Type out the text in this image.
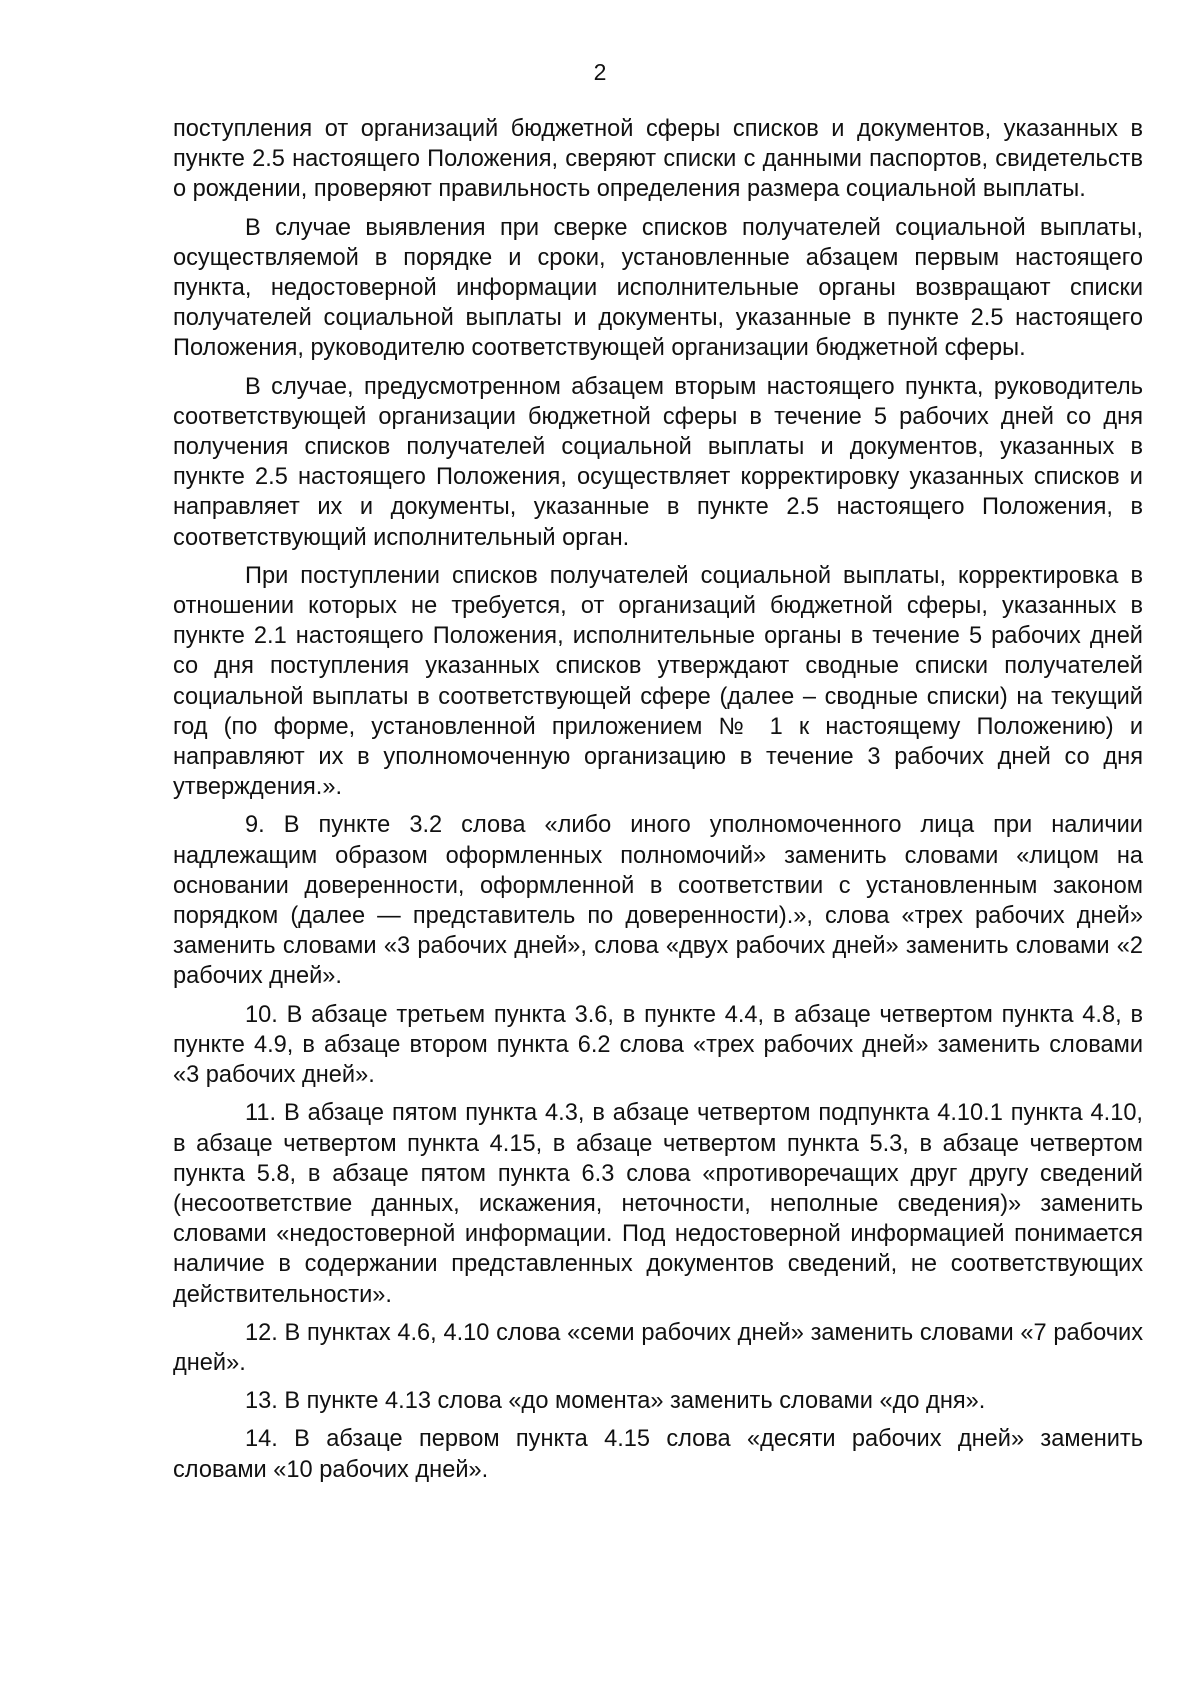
2

поступления от организаций бюджетной сферы списков и документов, указанных в пункте 2.5 настоящего Положения, сверяют списки с данными паспортов, свидетельств о рождении, проверяют правильность определения размера социальной выплаты.

В случае выявления при сверке списков получателей социальной выплаты, осуществляемой в порядке и сроки, установленные абзацем первым настоящего пункта, недостоверной информации исполнительные органы возвращают списки получателей социальной выплаты и документы, указанные в пункте 2.5 настоящего Положения, руководителю соответствующей организации бюджетной сферы.

В случае, предусмотренном абзацем вторым настоящего пункта, руководитель соответствующей организации бюджетной сферы в течение 5 рабочих дней со дня получения списков получателей социальной выплаты и документов, указанных в пункте 2.5 настоящего Положения, осуществляет корректировку указанных списков и направляет их и документы, указанные в пункте 2.5 настоящего Положения, в соответствующий исполнительный орган.

При поступлении списков получателей социальной выплаты, корректировка в отношении которых не требуется, от организаций бюджетной сферы, указанных в пункте 2.1 настоящего Положения, исполнительные органы в течение 5 рабочих дней со дня поступления указанных списков утверждают сводные списки получателей социальной выплаты в соответствующей сфере (далее – сводные списки) на текущий год (по форме, установленной приложением № 1 к настоящему Положению) и направляют их в уполномоченную организацию в течение 3 рабочих дней со дня утверждения.».

9. В пункте 3.2 слова «либо иного уполномоченного лица при наличии надлежащим образом оформленных полномочий» заменить словами «лицом на основании доверенности, оформленной в соответствии с установленным законом порядком (далее — представитель по доверенности).», слова «трех рабочих дней» заменить словами «3 рабочих дней», слова «двух рабочих дней» заменить словами «2 рабочих дней».

10. В абзаце третьем пункта 3.6, в пункте 4.4, в абзаце четвертом пункта 4.8, в пункте 4.9, в абзаце втором пункта 6.2 слова «трех рабочих дней» заменить словами «3 рабочих дней».

11. В абзаце пятом пункта 4.3, в абзаце четвертом подпункта 4.10.1 пункта 4.10, в абзаце четвертом пункта 4.15, в абзаце четвертом пункта 5.3, в абзаце четвертом пункта 5.8, в абзаце пятом пункта 6.3 слова «противоречащих друг другу сведений (несоответствие данных, искажения, неточности, неполные сведения)» заменить словами «недостоверной информации. Под недостоверной информацией понимается наличие в содержании представленных документов сведений, не соответствующих действительности».

12. В пунктах 4.6, 4.10 слова «семи рабочих дней» заменить словами «7 рабочих дней».

13. В пункте 4.13 слова «до момента» заменить словами «до дня».

14. В абзаце первом пункта 4.15 слова «десяти рабочих дней» заменить словами «10 рабочих дней».
